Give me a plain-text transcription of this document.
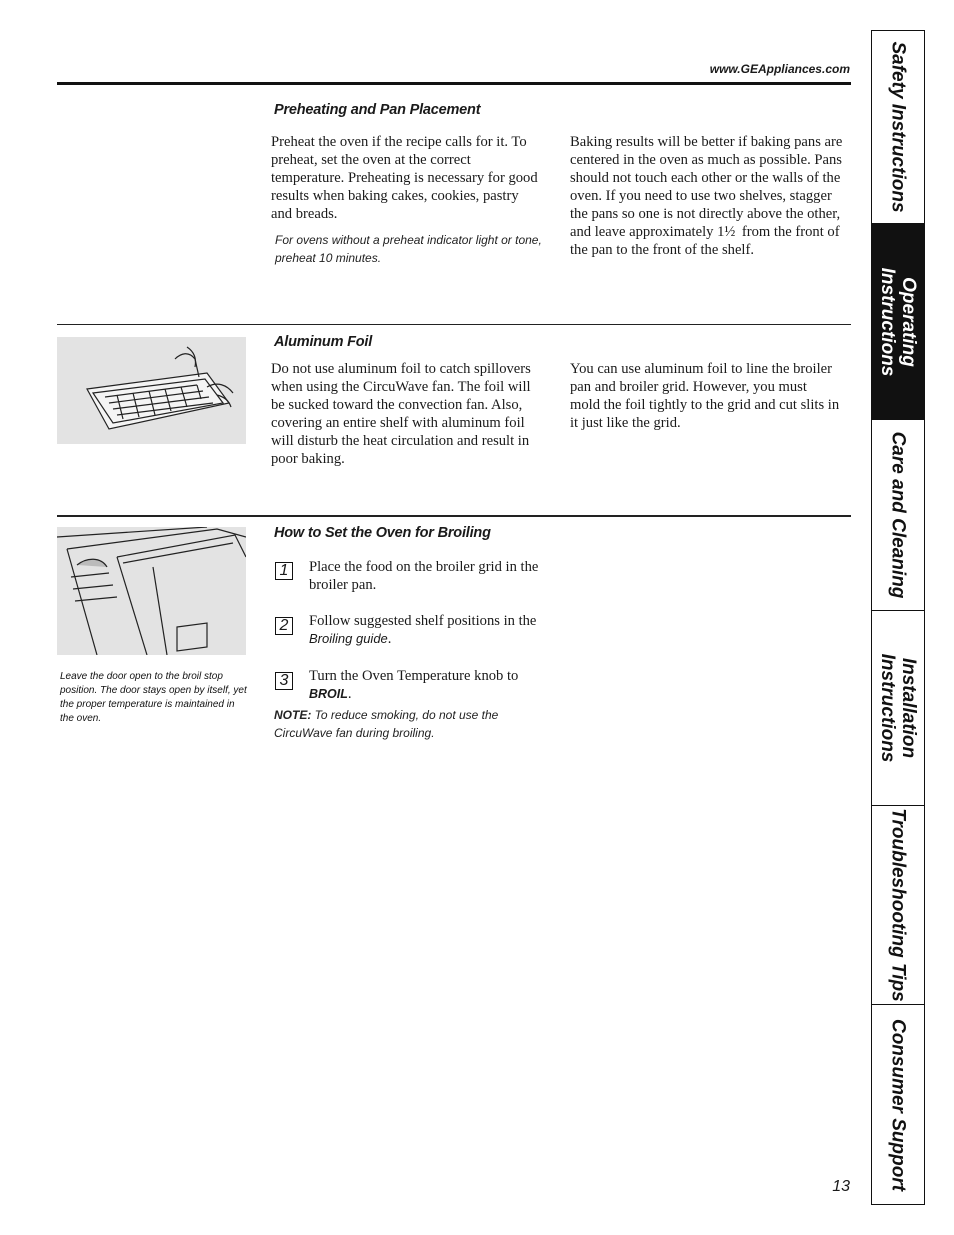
www.GEAppliances.com
Preheating and Pan Placement
Preheat the oven if the recipe calls for it. To preheat, set the oven at the correct temperature. Preheating is necessary for good results when baking cakes, cookies, pastry and breads.
For ovens without a preheat indicator light or tone, preheat 10 minutes.
Baking results will be better if baking pans are centered in the oven as much as possible. Pans should not touch each other or the walls of the oven. If you need to use two shelves, stagger the pans so one is not directly above the other, and leave approximately 1½  from the front of the pan to the front of the shelf.
Aluminum Foil
Do not use aluminum foil to catch spillovers when using the CircuWave fan. The foil will be sucked toward the convection fan. Also, covering an entire shelf with aluminum foil will disturb the heat circulation and result in poor baking.
You can use aluminum foil to line the broiler pan and broiler grid. However, you must mold the foil tightly to the grid and cut slits in it just like the grid.
Leave the door open to the broil stop position. The door stays open by itself, yet the proper temperature is maintained in the oven.
How to Set the Oven for Broiling
1	Place the food on the broiler grid in the broiler pan.
2	Follow suggested shelf positions in the Broiling guide.
3	Turn the Oven Temperature knob to BROIL.
NOTE: To reduce smoking, do not use the CircuWave fan during broiling.
13
Safety Instructions
Operating
Instructions
Care and Cleaning
Installation
Instructions
Troubleshooting Tips
Consumer Support
